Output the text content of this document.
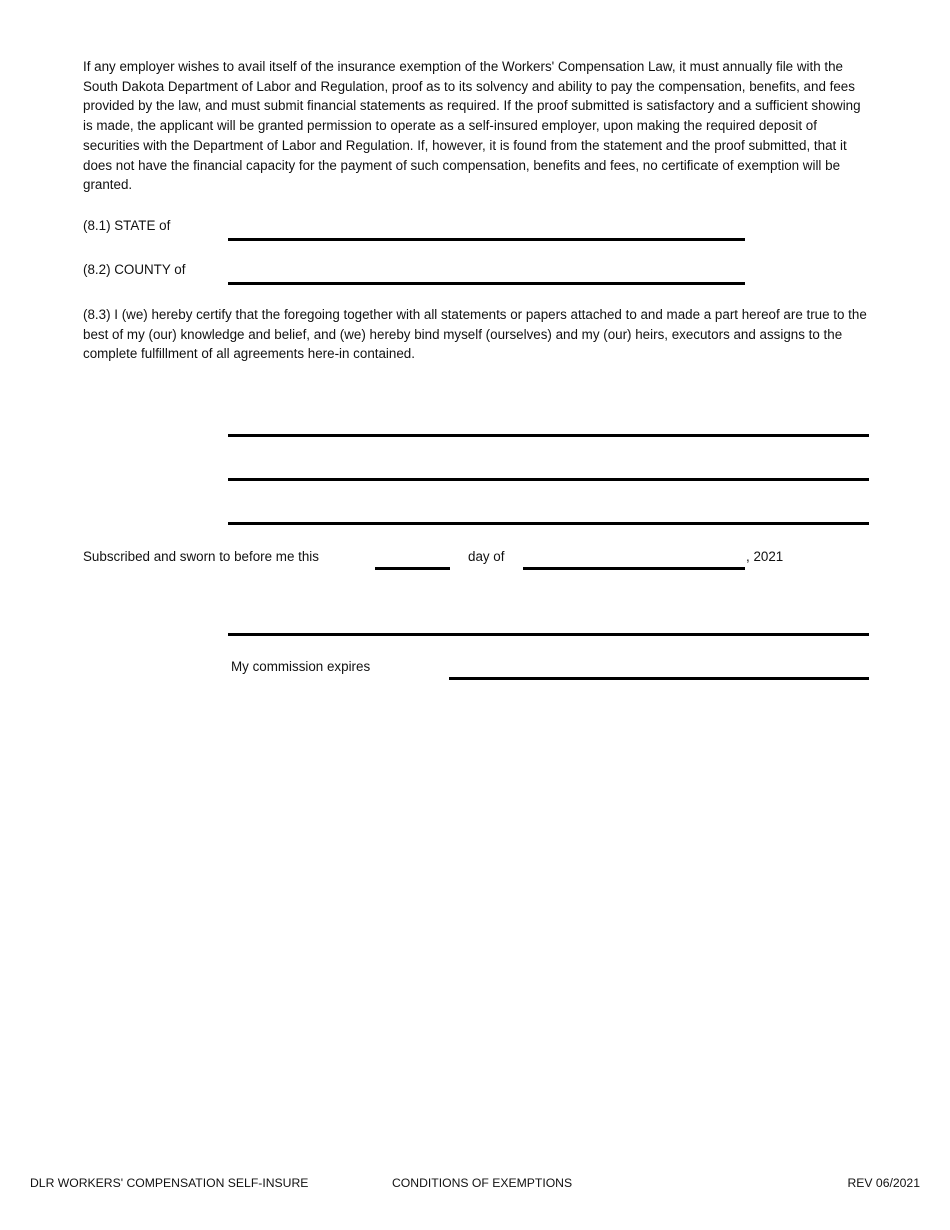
If any employer wishes to avail itself of the insurance exemption of the Workers' Compensation Law, it must annually file with the South Dakota Department of Labor and Regulation, proof as to its solvency and ability to pay the compensation, benefits, and fees provided by the law, and must submit financial statements as required. If the proof submitted is satisfactory and a sufficient showing is made, the applicant will be granted permission to operate as a self-insured employer, upon making the required deposit of securities with the Department of Labor and Regulation. If, however, it is found from the statement and the proof submitted, that it does not have the financial capacity for the payment of such compensation, benefits and fees, no certificate of exemption will be granted.

(8.1) STATE of
(8.2) COUNTY of

(8.3) I (we) hereby certify that the foregoing together with all statements or papers attached to and made a part hereof are true to the best of my (our) knowledge and belief, and (we) hereby bind myself (ourselves) and my (our) heirs, executors and assigns to the complete fulfillment of all agreements here-in contained.

Subscribed and sworn to before me this	day of	, 2021
My commission expires
DLR WORKERS' COMPENSATION SELF-INSURE	CONDITIONS OF EXEMPTIONS	REV 06/2021
